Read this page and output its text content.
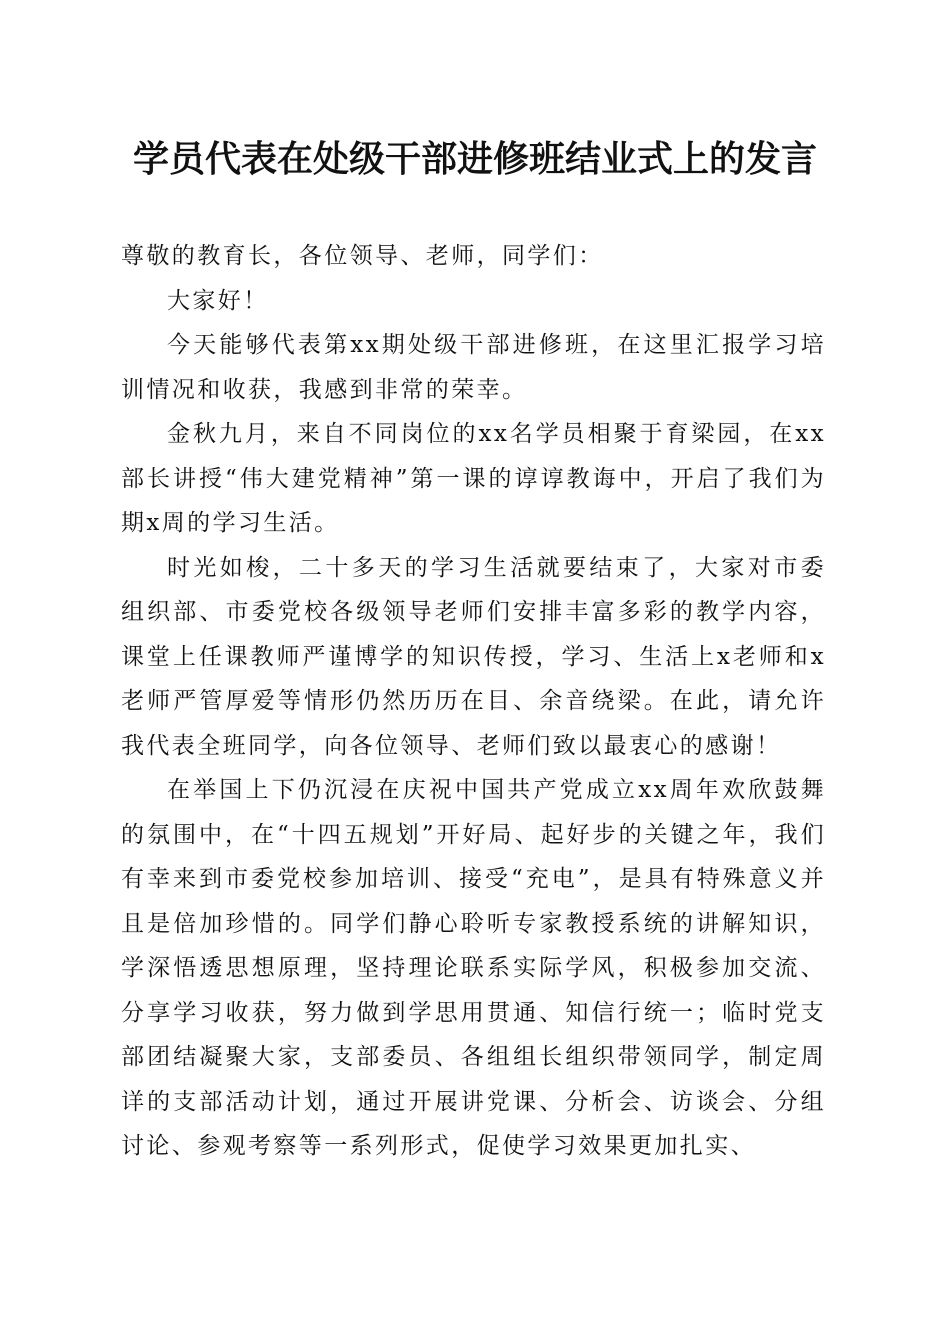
学员代表在处级干部进修班结业式上的发言

尊敬的教育长，各位领导、老师，同学们：

大家好！

今天能够代表第xx期处级干部进修班，在这里汇报学习培训情况和收获，我感到非常的荣幸。

金秋九月，来自不同岗位的xx名学员相聚于育梁园，在xx部长讲授“伟大建党精神”第一课的谆谆教诲中，开启了我们为期x周的学习生活。

时光如梭，二十多天的学习生活就要结束了，大家对市委组织部、市委党校各级领导老师们安排丰富多彩的教学内容，课堂上任课教师严谨博学的知识传授，学习、生活上x老师和x老师严管厚爱等情形仍然历历在目、余音绕梁。在此，请允许我代表全班同学，向各位领导、老师们致以最衷心的感谢！

在举国上下仍沉浸在庆祝中国共产党成立xx周年欢欣鼓舞的氛围中，在“十四五规划”开好局、起好步的关键之年，我们有幸来到市委党校参加培训、接受“充电”，是具有特殊意义并且是倍加珍惜的。同学们静心聆听专家教授系统的讲解知识，学深悟透思想原理，坚持理论联系实际学风，积极参加交流、分享学习收获，努力做到学思用贯通、知信行统一；临时党支部团结凝聚大家，支部委员、各组组长组织带领同学，制定周详的支部活动计划，通过开展讲党课、分析会、访谈会、分组讨论、参观考察等一系列形式，促使学习效果更加扎实、
